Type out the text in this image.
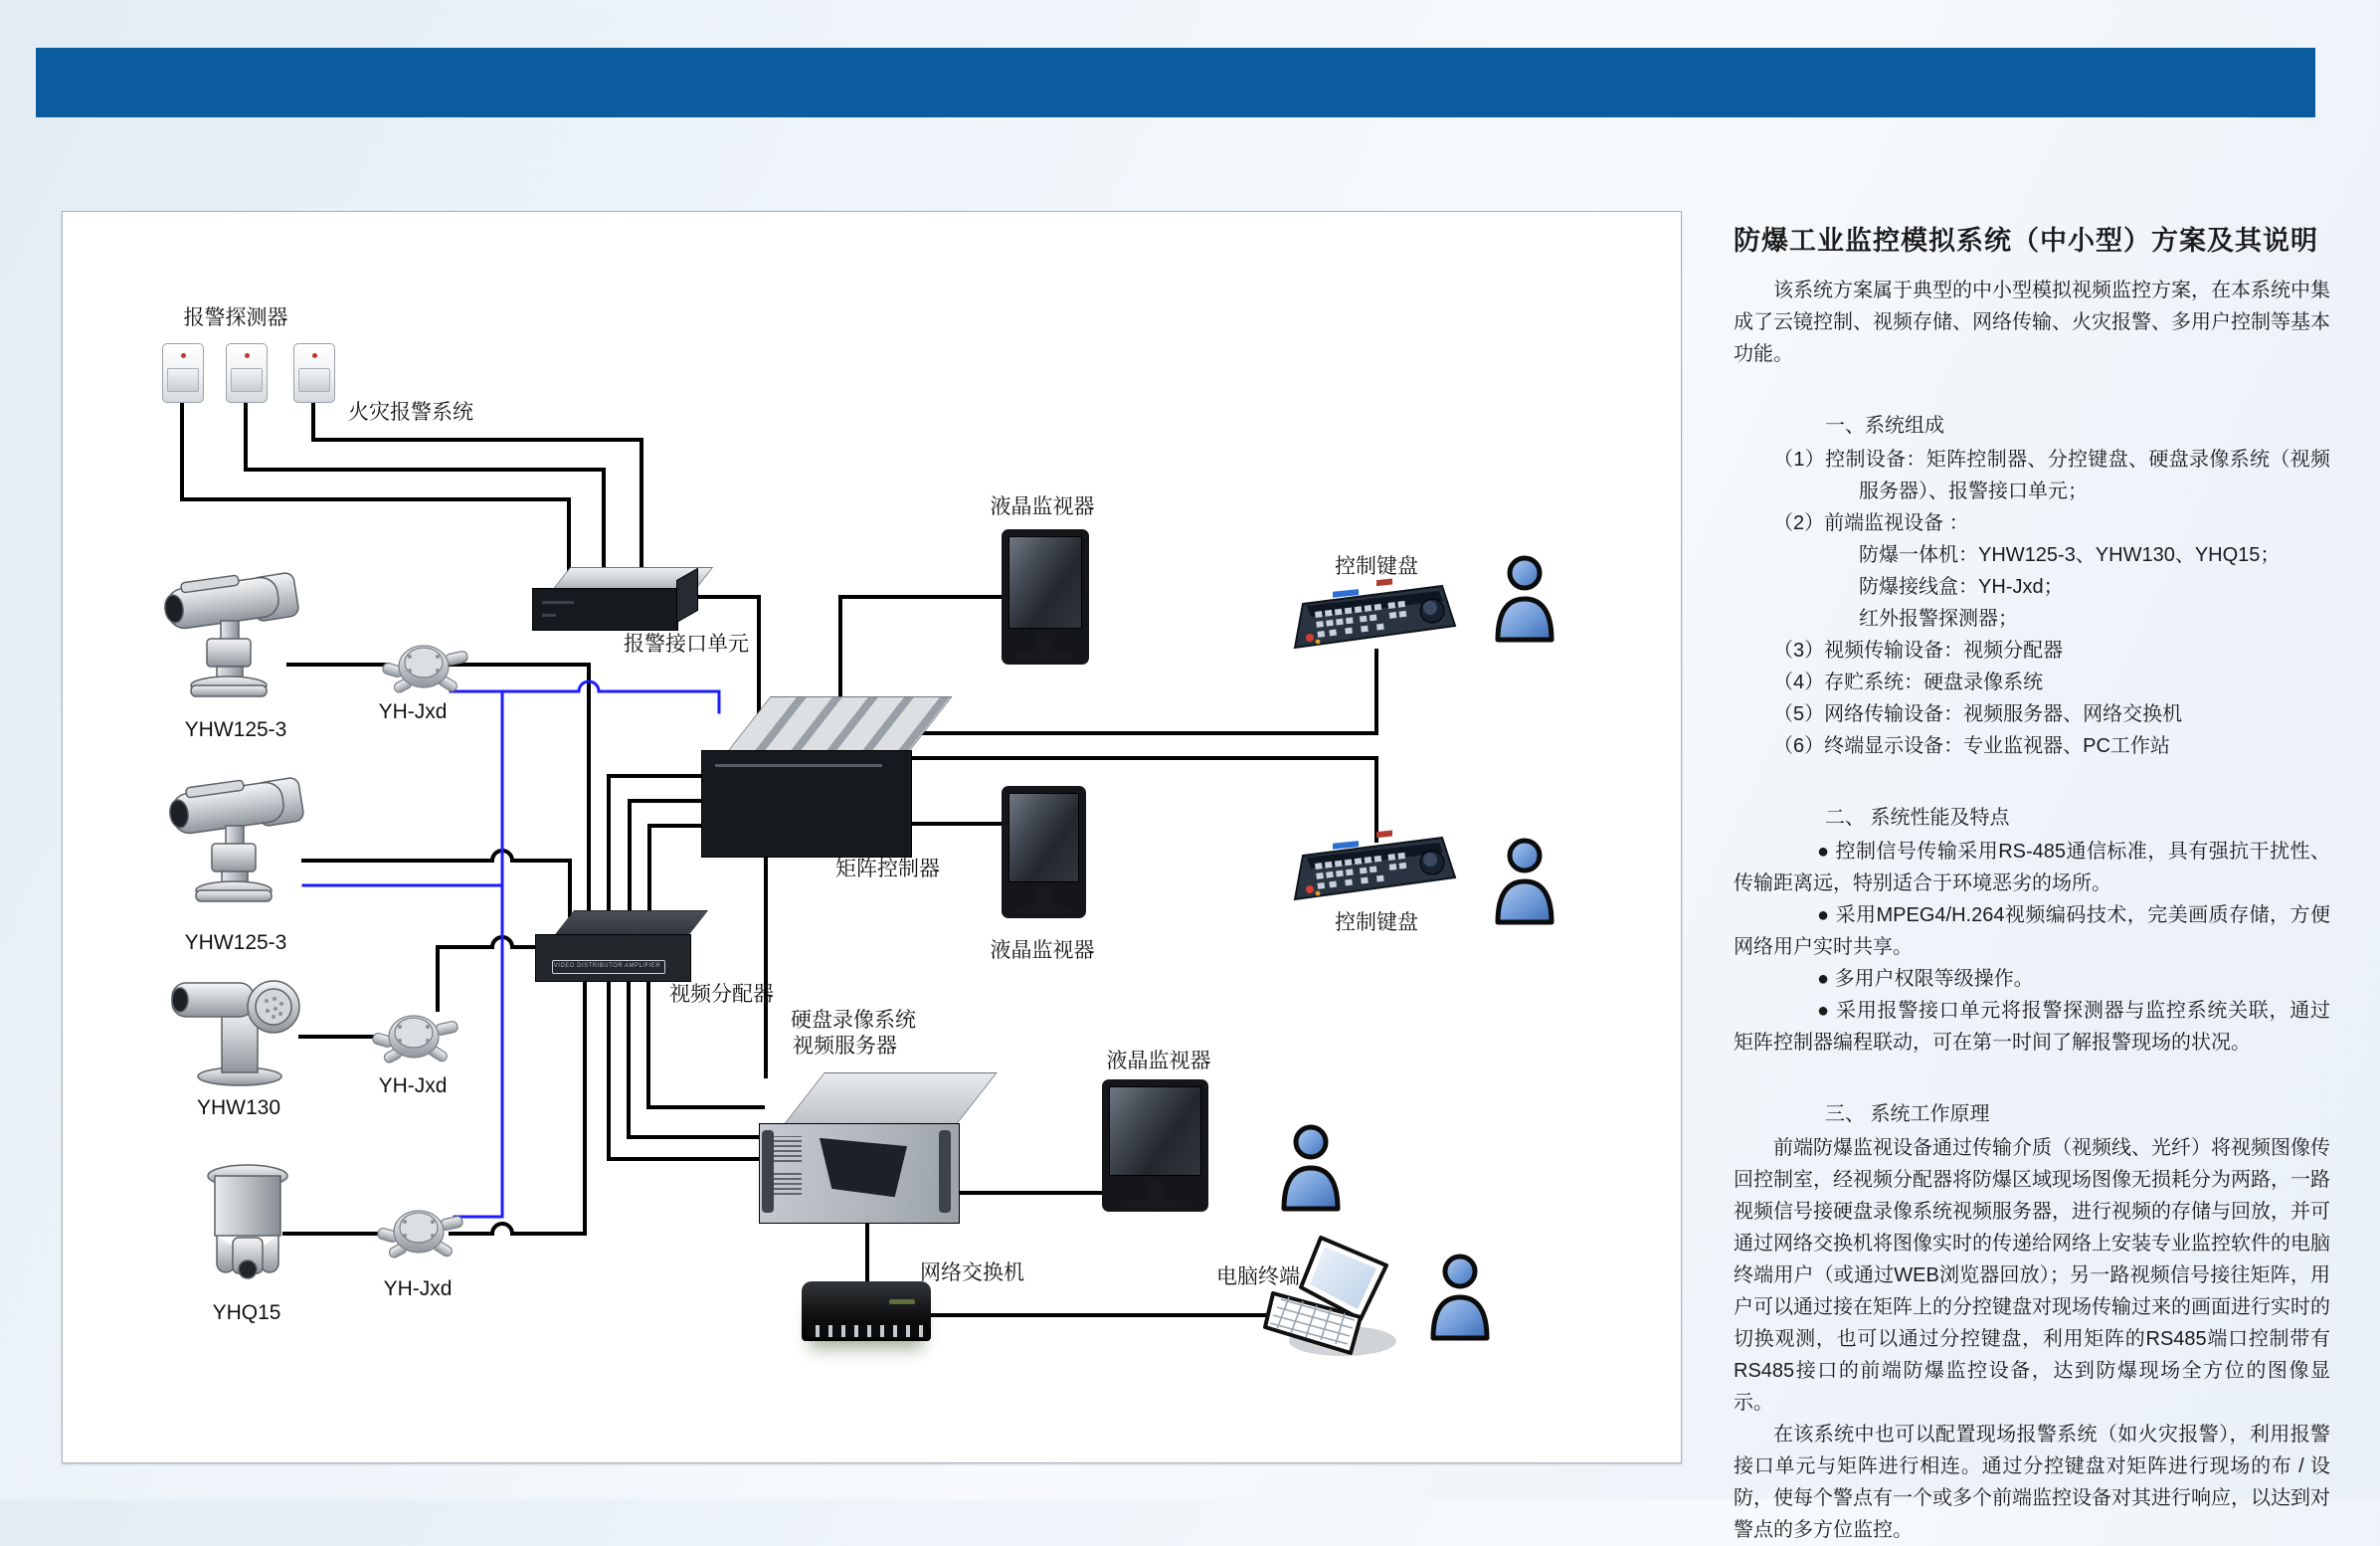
VIDEO DISTRIBUTOR AMPLIFIER
报警探测器
火灾报警系统
报警接口单元
YHW125-3
YH-Jxd
YHW125-3
YHW130
YH-Jxd
YHQ15
YH-Jxd
矩阵控制器
视频分配器
硬盘录像系统
视频服务器
液晶监视器
液晶监视器
液晶监视器
控制键盘
控制键盘
网络交换机	电脑终端
防爆工业监控模拟系统（中小型）方案及其说明

该系统方案属于典型的中小型模拟视频监控方案，在本系统中集成了云镜控制、视频存储、网络传输、火灾报警、多用户控制等基本功能。

一、系统组成

（1）控制设备：矩阵控制器、分控键盘、硬盘录像系统（视频服务器）、报警接口单元；

（2）前端监视设备 ：

防爆一体机：YHW125-3、YHW130、YHQ15；

防爆接线盒：YH-Jxd；

红外报警探测器；

（3）视频传输设备：视频分配器

（4）存贮系统：硬盘录像系统

（5）网络传输设备：视频服务器、网络交换机

（6）终端显示设备：专业监视器、PC工作站

二、 系统性能及特点

● 控制信号传输采用RS-485通信标准，具有强抗干扰性、传输距离远，特别适合于环境恶劣的场所。

● 采用MPEG4/H.264视频编码技术，完美画质存储，方便网络用户实时共享。

● 多用户权限等级操作。

● 采用报警接口单元将报警探测器与监控系统关联，通过矩阵控制器编程联动，可在第一时间了解报警现场的状况。

三、 系统工作原理

前端防爆监视设备通过传输介质（视频线、光纤）将视频图像传回控制室，经视频分配器将防爆区域现场图像无损耗分为两路，一路视频信号接硬盘录像系统视频服务器，进行视频的存储与回放，并可通过网络交换机将图像实时的传递给网络上安装专业监控软件的电脑终端用户（或通过WEB浏览器回放）；另一路视频信号接往矩阵，用户可以通过接在矩阵上的分控键盘对现场传输过来的画面进行实时的切换观测，也可以通过分控键盘，利用矩阵的RS485端口控制带有RS485接口的前端防爆监控设备，达到防爆现场全方位的图像显示。

在该系统中也可以配置现场报警系统（如火灾报警），利用报警接口单元与矩阵进行相连。通过分控键盘对矩阵进行现场的布 / 设防，使每个警点有一个或多个前端监控设备对其进行响应，以达到对警点的多方位监控。
